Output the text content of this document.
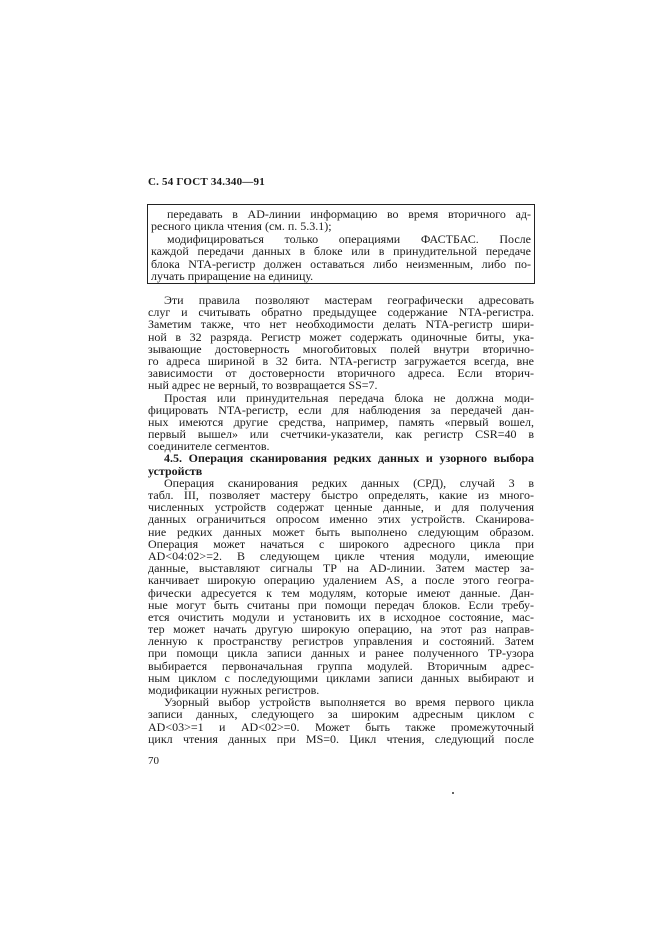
С. 54 ГОСТ 34.340—91
передавать в AD-линии информацию во время вторичного ад-
ресного цикла чтения (см. п. 5.3.1);
модифицироваться только операциями ФАСТБАС. После
каждой передачи данных в блоке или в принудительной передаче
блока NTA-регистр должен оставаться либо неизменным, либо по-
лучать приращение на единицу.
Эти правила позволяют мастерам географически адресовать
слуг и считывать обратно предыдущее содержание NTA-регистра.
Заметим также, что нет необходимости делать NTA-регистр шири-
ной в 32 разряда. Регистр может содержать одиночные биты, ука-
зывающие достоверность многобитовых полей внутри вторично-
го адреса шириной в 32 бита. NTA-регистр загружается всегда, вне
зависимости от достоверности вторичного адреса. Если вторич-
ный адрес не верный, то возвращается SS=7.
Простая или принудительная передача блока не должна моди-
фицировать NTA-регистр, если для наблюдения за передачей дан-
ных имеются другие средства, например, память «первый вошел,
первый вышел» или счетчики-указатели, как регистр CSR=40 в
соединителе сегментов.
4.5. Операция сканирования редких данных и узорного выбора
устройств
Операция сканирования редких данных (СРД), случай 3 в
табл. III, позволяет мастеру быстро определять, какие из много-
численных устройств содержат ценные данные, и для получения
данных ограничиться опросом именно этих устройств. Сканирова-
ние редких данных может быть выполнено следующим образом.
Операция может начаться с широкого адресного цикла при
AD<04:02>=2. В следующем цикле чтения модули, имеющие
данные, выставляют сигналы ТР на AD-линии. Затем мастер за-
канчивает широкую операцию удалением AS, а после этого геогра-
фически адресуется к тем модулям, которые имеют данные. Дан-
ные могут быть считаны при помощи передач блоков. Если требу-
ется очистить модули и установить их в исходное состояние, мас-
тер может начать другую широкую операцию, на этот раз направ-
ленную к пространству регистров управления и состояний. Затем
при помощи цикла записи данных и ранее полученного ТР-узора
выбирается первоначальная группа модулей. Вторичным адрес-
ным циклом с последующими циклами записи данных выбирают и
модификации нужных регистров.
Узорный выбор устройств выполняется во время первого цикла
записи данных, следующего за широким адресным циклом с
AD<03>=1 и AD<02>=0. Может быть также промежуточный
цикл чтения данных при MS=0. Цикл чтения, следующий после
70
